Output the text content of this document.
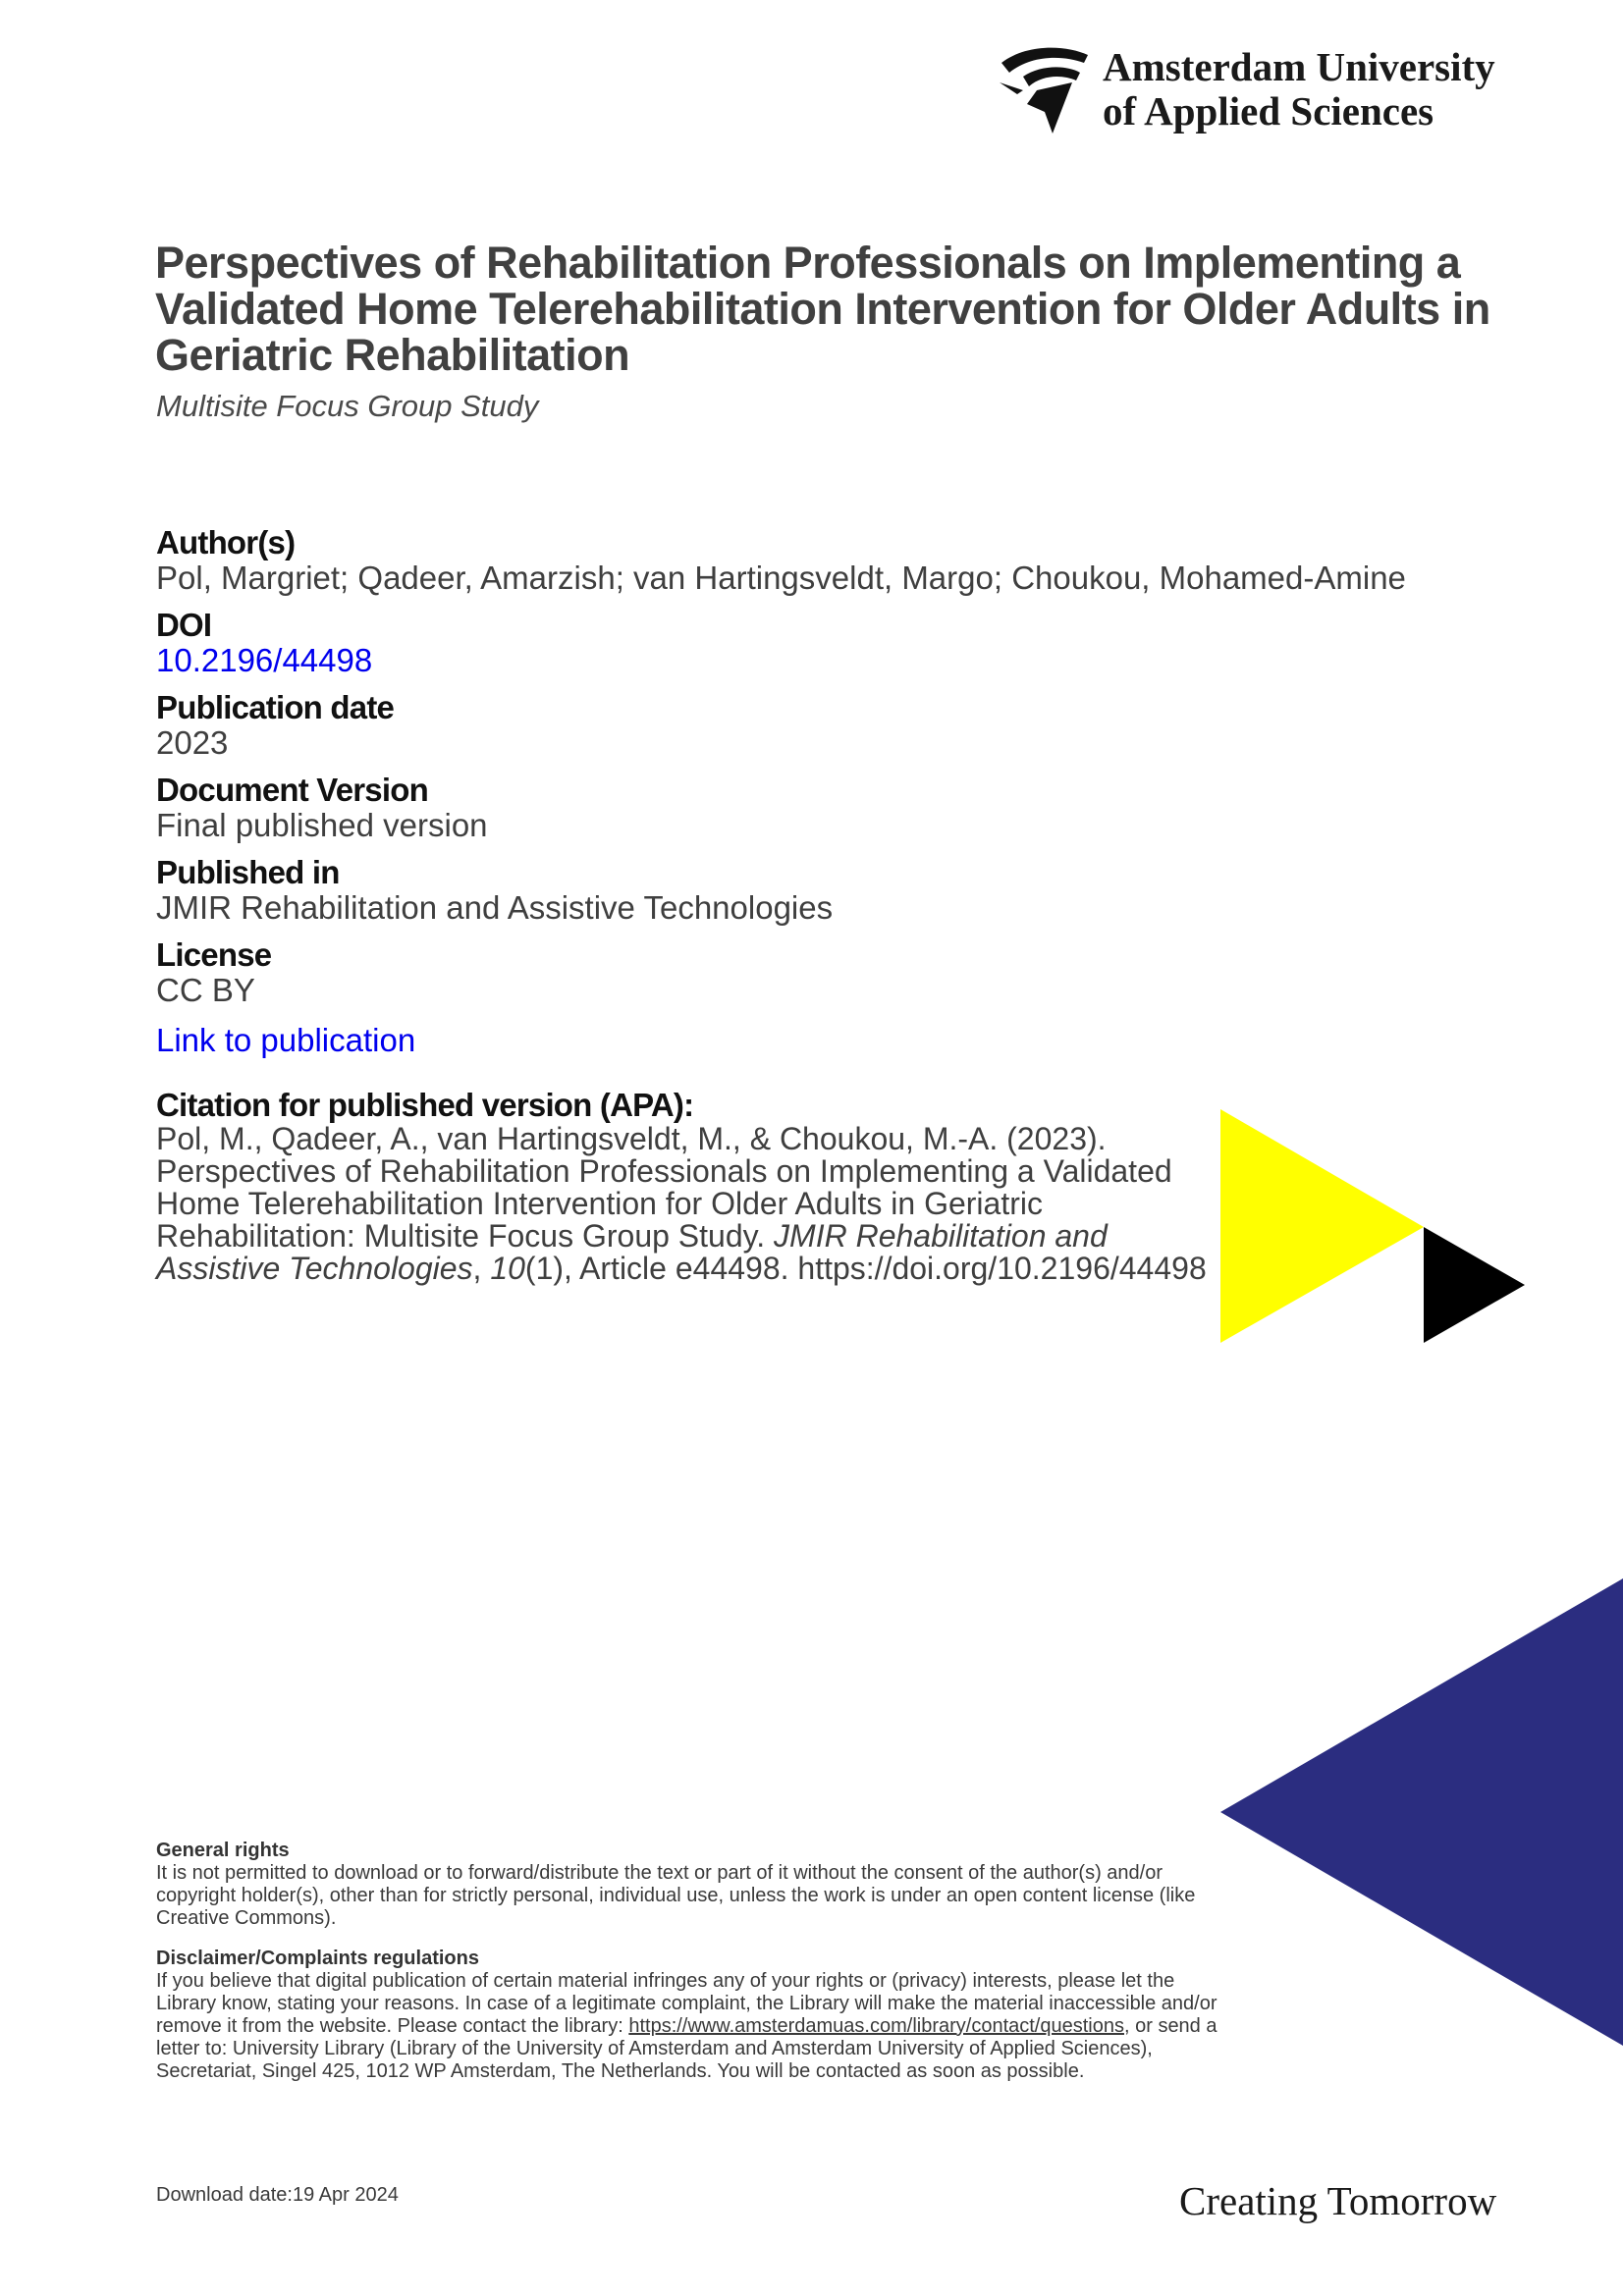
Amsterdam University
of Applied Sciences
Perspectives of Rehabilitation Professionals on Implementing a Validated Home Telerehabilitation Intervention for Older Adults in Geriatric Rehabilitation
Multisite Focus Group Study
Author(s)
Pol, Margriet; Qadeer, Amarzish; van Hartingsveldt, Margo; Choukou, Mohamed-Amine
DOI
10.2196/44498
Publication date
2023
Document Version
Final published version
Published in
JMIR Rehabilitation and Assistive Technologies
License
CC BY
Link to publication
Citation for published version (APA):
Pol, M., Qadeer, A., van Hartingsveldt, M., & Choukou, M.-A. (2023). Perspectives of Rehabilitation Professionals on Implementing a Validated Home Telerehabilitation Intervention for Older Adults in Geriatric Rehabilitation: Multisite Focus Group Study. JMIR Rehabilitation and Assistive Technologies, 10(1), Article e44498. https://doi.org/10.2196/44498
General rights
It is not permitted to download or to forward/distribute the text or part of it without the consent of the author(s) and/or copyright holder(s), other than for strictly personal, individual use, unless the work is under an open content license (like Creative Commons).
Disclaimer/Complaints regulations
If you believe that digital publication of certain material infringes any of your rights or (privacy) interests, please let the Library know, stating your reasons. In case of a legitimate complaint, the Library will make the material inaccessible and/or remove it from the website. Please contact the library: https://www.amsterdamuas.com/library/contact/questions, or send a letter to: University Library (Library of the University of Amsterdam and Amsterdam University of Applied Sciences), Secretariat, Singel 425, 1012 WP Amsterdam, The Netherlands. You will be contacted as soon as possible.
Download date:19 Apr 2024	Creating Tomorrow
